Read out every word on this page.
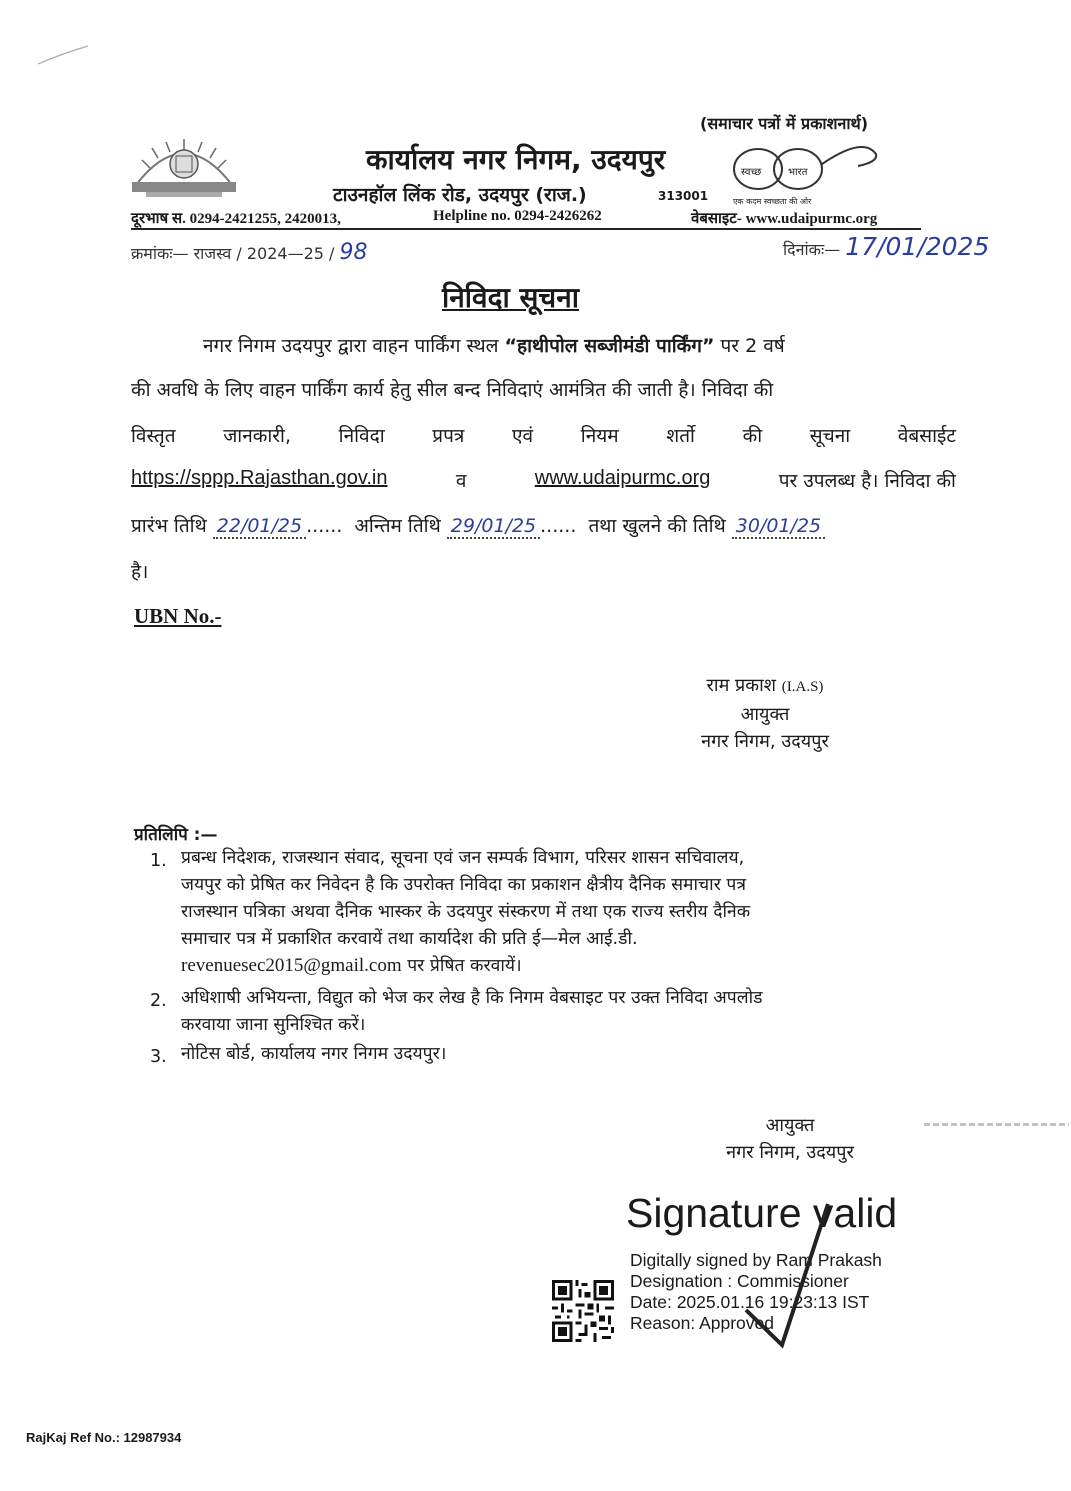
(समाचार पत्रों में प्रकाशनार्थ)
कार्यालय नगर निगम, उदयपुर
टाउनहॉल लिंक रोड, उदयपुर (राज.)	313001
स्वच्छ	भारत
एक कदम स्वच्छता की ओर
दूरभाष स. 0294-2421255, 2420013,	Helpline no. 0294-2426262	वेबसाइट- www.udaipurmc.org
क्रमांकः— राजस्व / 2024—25 / 98	दिनांकः— 17/01/2025
निविदा सूचना
नगर निगम उदयपुर द्वारा वाहन पार्किंग स्थल “हाथीपोल सब्जीमंडी पार्किंग” पर 2 वर्ष
की अवधि के लिए वाहन पार्किंग कार्य हेतु सील बन्द निविदाएं आमंत्रित की जाती है। निविदा की
विस्तृत	जानकारी,	निविदा	प्रपत्र	एवं	नियम	शर्तो	की	सूचना	वेबसाईट
https://sppp.Rajasthan.gov.in	व	www.udaipurmc.org	पर उपलब्ध है। निविदा की
प्रारंभ तिथि 22/01/25 ...... अन्तिम तिथि 29/01/25 ...... तथा खुलने की तिथि 30/01/25
है।
UBN No.-
राम प्रकाश (I.A.S)
आयुक्त
नगर निगम, उदयपुर
प्रतिलिपि :—
1. प्रबन्ध निदेशक, राजस्थान संवाद, सूचना एवं जन सम्पर्क विभाग, परिसर शासन सचिवालय,
जयपुर को प्रेषित कर निवेदन है कि उपरोक्त निविदा का प्रकाशन क्षैत्रीय दैनिक समाचार पत्र
राजस्थान पत्रिका अथवा दैनिक भास्कर के उदयपुर संस्करण में तथा एक राज्य स्तरीय दैनिक
समाचार पत्र में प्रकाशित करवायें तथा कार्यादेश की प्रति ई—मेल आई.डी.
revenuesec2015@gmail.com पर प्रेषित करवायें।
2. अधिशाषी अभियन्ता, विद्युत को भेज कर लेख है कि निगम वेबसाइट पर उक्त निविदा अपलोड
करवाया जाना सुनिश्चित करें।
3. नोटिस बोर्ड, कार्यालय नगर निगम उदयपुर।
आयुक्त
नगर निगम, उदयपुर
Signature valid
Digitally signed by Ram Prakash
Designation : Commissioner
Date: 2025.01.16 19:23:13 IST
Reason: Approved
RajKaj Ref No.: 12987934
